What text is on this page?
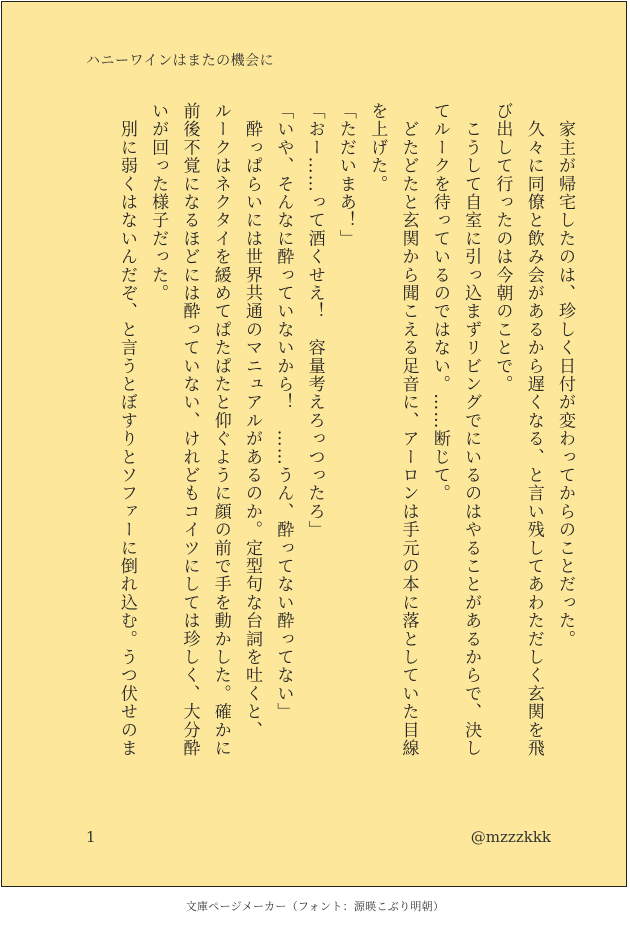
ハニーワインはまたの機会に
　家主が帰宅したのは、珍しく日付が変わってからのことだった。
　久々に同僚と飲み会があるから遅くなる、と言い残してあわただしく玄関を飛
び出して行ったのは今朝のことで。
　こうして自室に引っ込まずリビングでにいるのはやることがあるからで、決し
てルークを待っているのではない。……断じて。
　どたどたと玄関から聞こえる足音に、アーロンは手元の本に落としていた目線
を上げた。
「ただいまあ！」
「おー……って酒くせえ！　容量考えろっつったろ」
「いや、そんなに酔っていないから！　……うん、酔ってない酔ってない」
　酔っぱらいには世界共通のマニュアルがあるのか。定型句な台詞を吐くと、
ルークはネクタイを緩めてぱたぱたと仰ぐように顔の前で手を動かした。確かに
前後不覚になるほどには酔っていない、けれどもコイツにしては珍しく、大分酔
いが回った様子だった。
　別に弱くはないんだぞ、と言うとぼすりとソファーに倒れ込む。うつ伏せのま
1	@mzzzkkk
文庫ページメーカー（フォント：源暎こぶり明朝）
